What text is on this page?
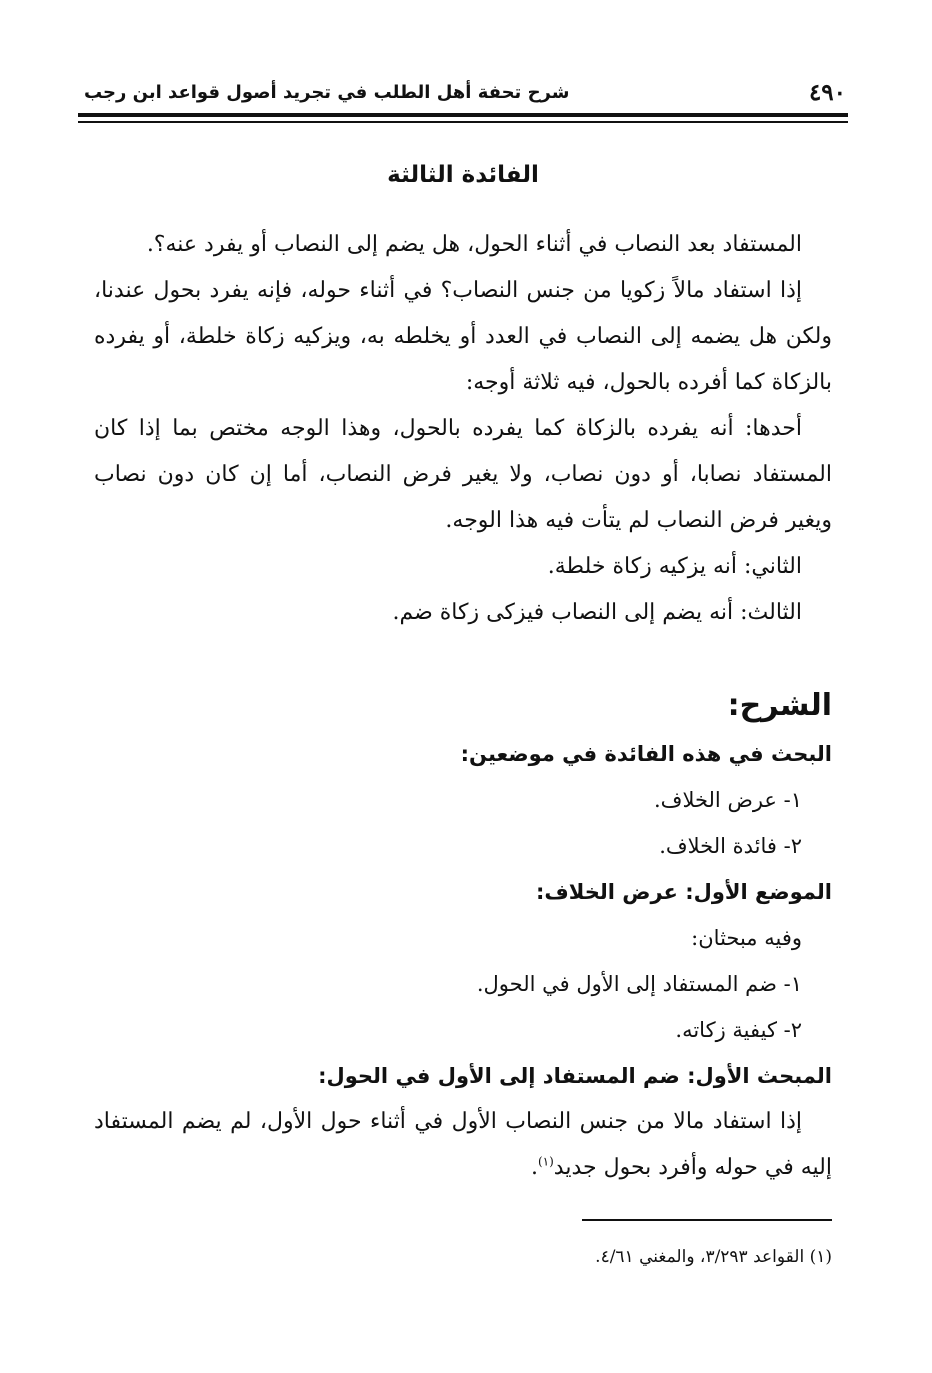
٤٩٠
شرح تحفة أهل الطلب في تجريد أصول قواعد ابن رجب
الفائدة الثالثة

المستفاد بعد النصاب في أثناء الحول، هل يضم إلى النصاب أو يفرد عنه؟.

إذا استفاد مالاً زكويا من جنس النصاب؟ في أثناء حوله، فإنه يفرد بحول عندنا، ولكن هل يضمه إلى النصاب في العدد أو يخلطه به، ويزكيه زكاة خلطة، أو يفرده بالزكاة كما أفرده بالحول، فيه ثلاثة أوجه:

أحدها: أنه يفرده بالزكاة كما يفرده بالحول، وهذا الوجه مختص بما إذا كان المستفاد نصابا، أو دون نصاب، ولا يغير فرض النصاب، أما إن كان دون نصاب ويغير فرض النصاب لم يتأت فيه هذا الوجه.

الثاني: أنه يزكيه زكاة خلطة.

الثالث: أنه يضم إلى النصاب فيزكى زكاة ضم.

الشرح:

البحث في هذه الفائدة في موضعين:

١- عرض الخلاف.

٢- فائدة الخلاف.

الموضع الأول: عرض الخلاف:

وفيه مبحثان:

١- ضم المستفاد إلى الأول في الحول.

٢- كيفية زكاته.

المبحث الأول: ضم المستفاد إلى الأول في الحول:

إذا استفاد مالا من جنس النصاب الأول في أثناء حول الأول، لم يضم المستفاد إليه في حوله وأفرد بحول جديد$^{(١)}$.

(١) القواعد ٣/٢٩٣، والمغني ٤/٦١.
